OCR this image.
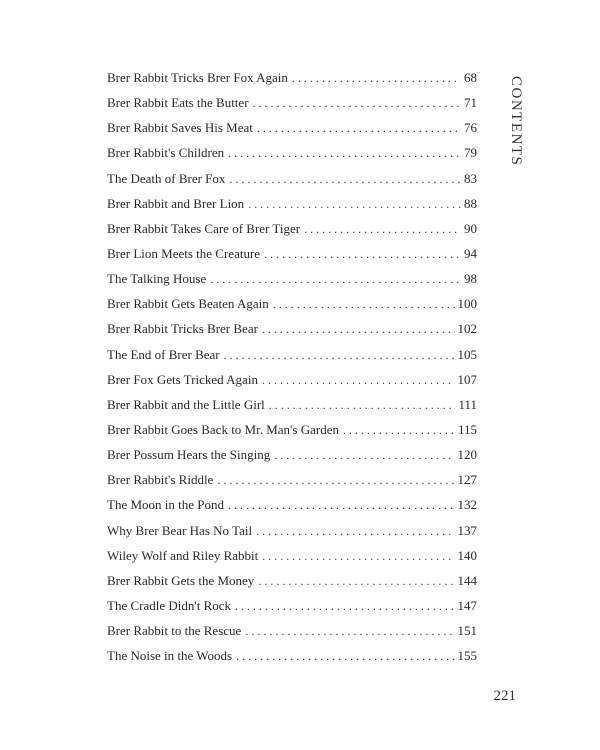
Brer Rabbit Tricks Brer Fox Again . . .	68
Brer Rabbit Eats the Butter . . .	71
Brer Rabbit Saves His Meat . . .	76
Brer Rabbit's Children . . .	79
The Death of Brer Fox . . .	83
Brer Rabbit and Brer Lion . . .	88
Brer Rabbit Takes Care of Brer Tiger . . .	90
Brer Lion Meets the Creature . . .	94
The Talking House . . .	98
Brer Rabbit Gets Beaten Again . . .	100
Brer Rabbit Tricks Brer Bear . . .	102
The End of Brer Bear . . .	105
Brer Fox Gets Tricked Again . . .	107
Brer Rabbit and the Little Girl . . .	111
Brer Rabbit Goes Back to Mr. Man's Garden . . .	115
Brer Possum Hears the Singing . . .	120
Brer Rabbit's Riddle . . .	127
The Moon in the Pond . . .	132
Why Brer Bear Has No Tail . . .	137
Wiley Wolf and Riley Rabbit . . .	140
Brer Rabbit Gets the Money . . .	144
The Cradle Didn't Rock . . .	147
Brer Rabbit to the Rescue . . .	151
The Noise in the Woods . . .	155
CONTENTS
221
